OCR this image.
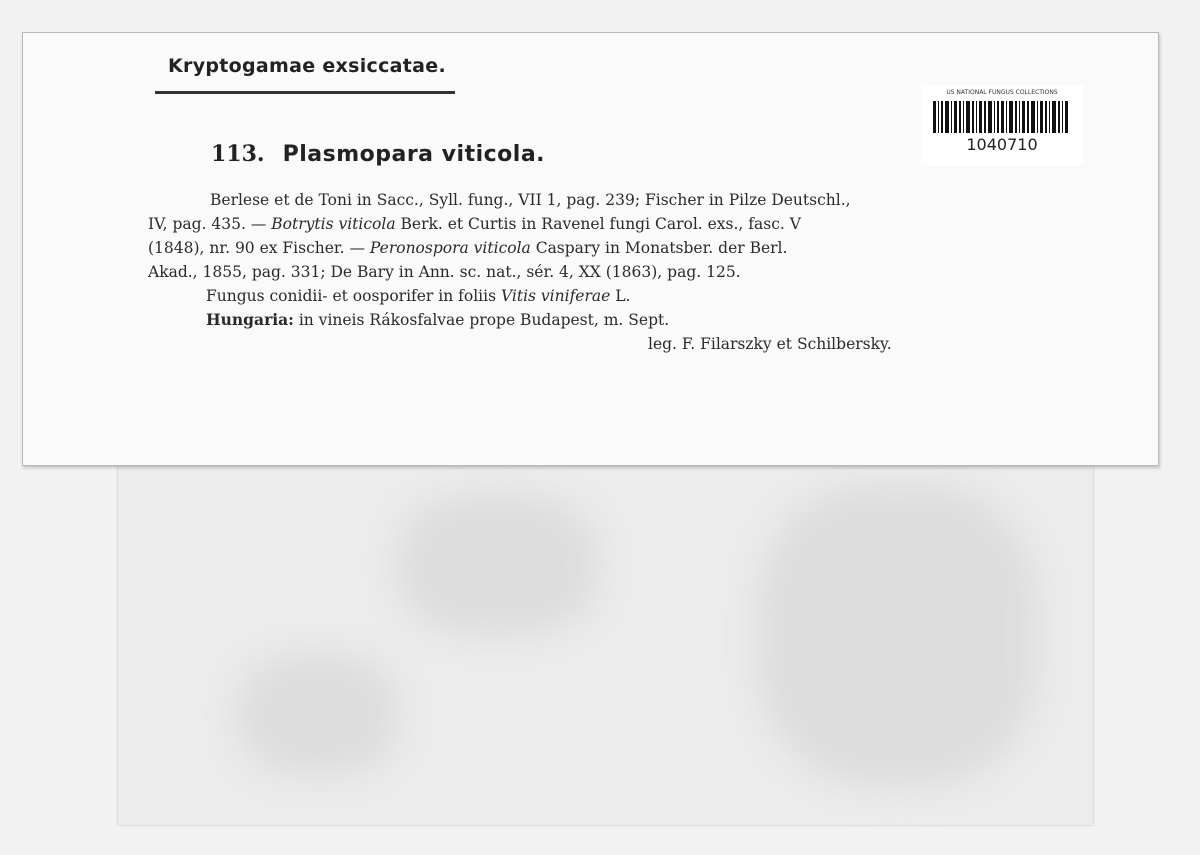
Kryptogamae exsiccatae.
US NATIONAL FUNGUS COLLECTIONS
1040710
113. Plasmopara viticola.
Berlese et de Toni in Sacc., Syll. fung., VII 1, pag. 239; Fischer in Pilze Deutschl.,
IV, pag. 435. — Botrytis viticola Berk. et Curtis in Ravenel fungi Carol. exs., fasc. V
(1848), nr. 90 ex Fischer. — Peronospora viticola Caspary in Monatsber. der Berl.
Akad., 1855, pag. 331; De Bary in Ann. sc. nat., sér. 4, XX (1863), pag. 125.
Fungus conidii- et oosporifer in foliis Vitis viniferae L.
Hungaria: in vineis Rákosfalvae prope Budapest, m. Sept.
leg. F. Filarszky et Schilbersky.
